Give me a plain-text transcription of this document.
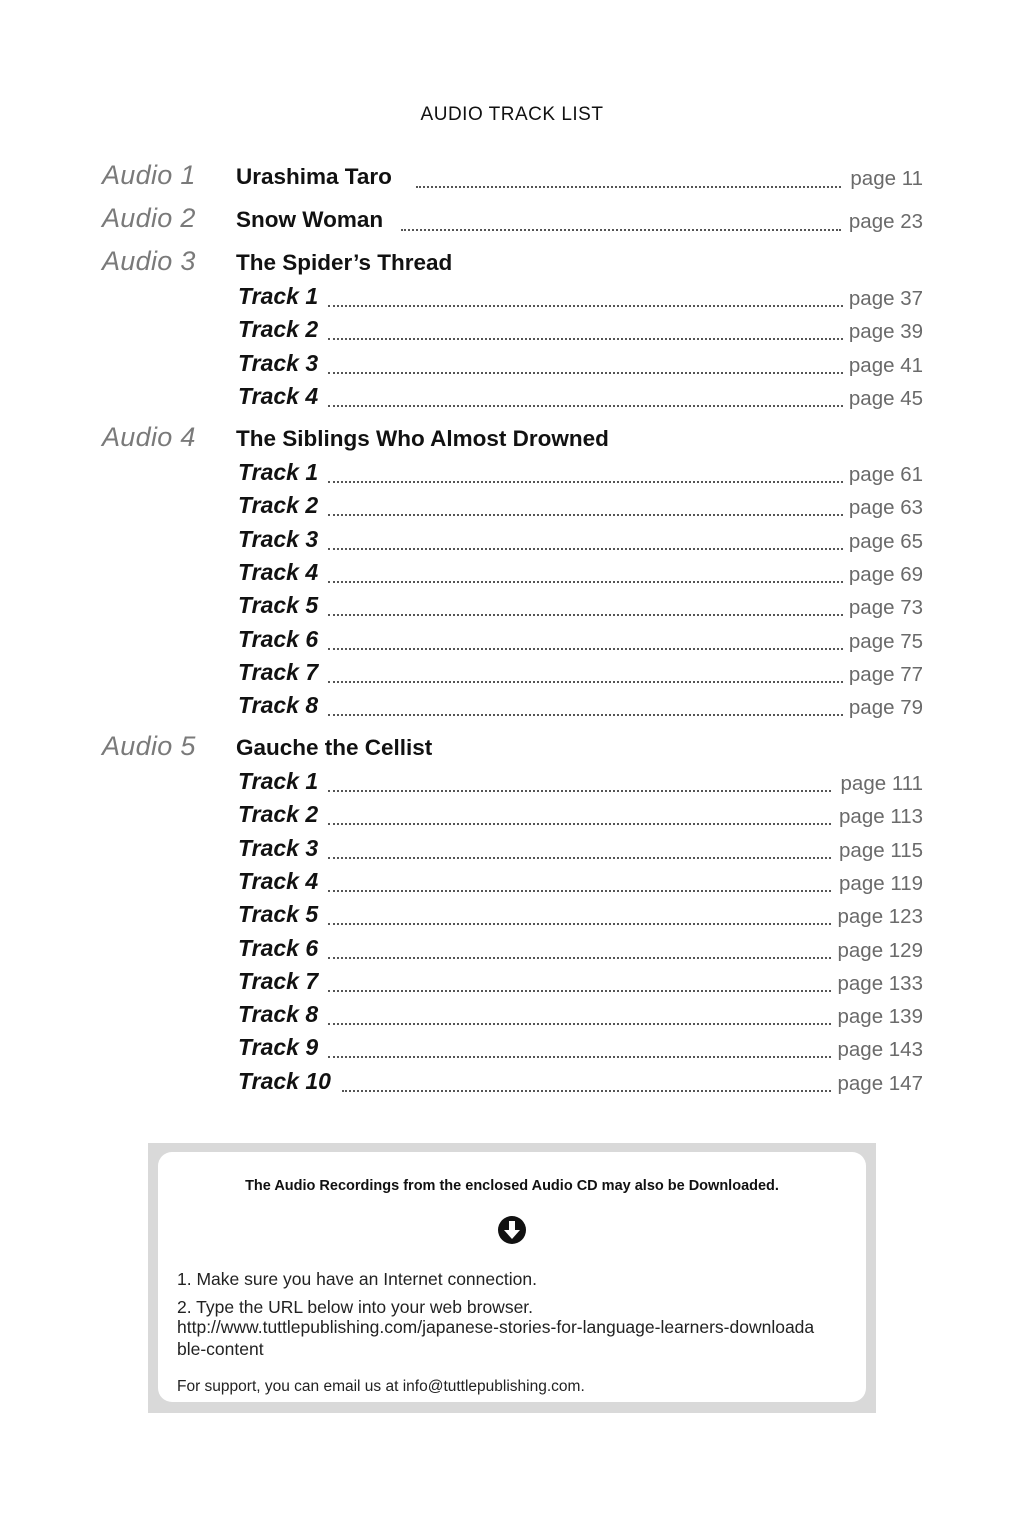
AUDIO TRACK LIST
Audio 1 Urashima Taro	page 11
Audio 2 Snow Woman	page 23
Audio 3 The Spider’s Thread
Track 1	page 37
Track 2	page 39
Track 3	page 41
Track 4	page 45
Audio 4 The Siblings Who Almost Drowned
Track 1	page 61
Track 2	page 63
Track 3	page 65
Track 4	page 69
Track 5	page 73
Track 6	page 75
Track 7	page 77
Track 8	page 79
Audio 5 Gauche the Cellist
Track 1	page 111
Track 2	page 113
Track 3	page 115
Track 4	page 119
Track 5	page 123
Track 6	page 129
Track 7	page 133
Track 8	page 139
Track 9	page 143
Track 10	page 147
The Audio Recordings from the enclosed Audio CD may also be Downloaded.
1. Make sure you have an Internet connection.
2. Type the URL below into your web browser.
http://www.tuttlepublishing.com/japanese-stories-for-language-learners-downloadable-content
For support, you can email us at info@tuttlepublishing.com.
